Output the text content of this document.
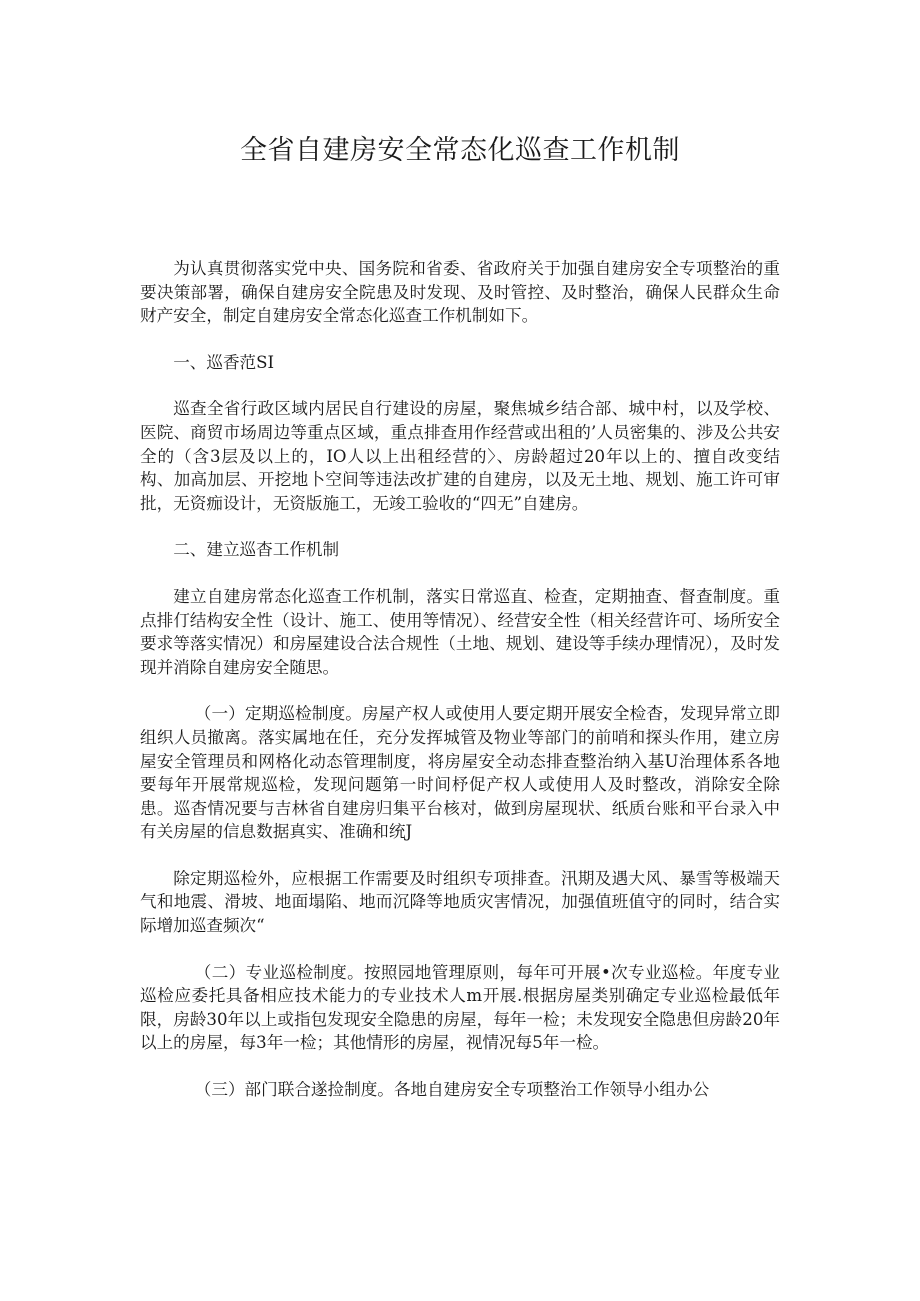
全省自建房安全常态化巡查工作机制

为认真贯彻落实党中央、国务院和省委、省政府关于加强自建房安全专项整治的重要决策部署，确保自建房安全院患及时发现、及时管控、及时整治，确保人民群众生命财产安全，制定自建房安全常态化巡查工作机制如下。

一、巡香范SI

巡查全省行政区域内居民自行建设的房屋，聚焦城乡结合部、城中村，以及学校、医院、商贸市场周边等重点区域，重点排查用作经营或出租的’人员密集的、涉及公共安全的（含3层及以上的，IO人以上出租经营的〉、房龄超过20年以上的、擅自改变结构、加高加层、开挖地卜空间等违法改扩建的自建房，以及无土地、规划、施工许可审批，无资痂设计，无资版施工，无竣工验收的“四无”自建房。

二、建立巡杳工作机制

建立自建房常态化巡查工作机制，落实日常巡直、检查，定期抽查、督查制度。重点排仃结构安全性（设计、施工、使用等情况）、经营安全性（相关经营许可、场所安全要求等落实情况）和房屋建设合法合规性（土地、规划、建设等手续办理情况），及时发现并消除自建房安全随思。

（一）定期巡检制度。房屋产权人或使用人要定期开展安全检杳，发现异常立即组织人员撤离。落实属地在任，充分发挥城管及物业等部门的前哨和探头作用，建立房屋安全管理员和网格化动态管理制度，将房屋安全动态排查整治纳入基U治理体系各地要每年开展常规巡检，发现问题第一时间杼促产权人或使用人及时整改，消除安全除患。巡杳情况要与吉林省自建房归集平台核对，做到房屋现状、纸质台账和平台录入中有关房屋的信息数据真实、准确和统J

除定期巡检外，应根据工作需要及时组织专项排查。汛期及遇大风、暴雪等极端天气和地震、滑坡、地面塌陷、地而沉降等地质灾害情况，加强值班值守的同时，结合实际增加巡查频次“

（二）专业巡检制度。按照园地管理原则，每年可开展•次专业巡检。年度专业巡检应委托具备相应技术能力的专业技术人m开展.根据房屋类别确定专业巡检最低年限，房龄30年以上或指包发现安全隐患的房屋，每年一检；未发现安全隐患但房龄20年以上的房屋，每3年一检；其他情形的房屋，视情况每5年一检。

（三）部门联合遂捡制度。各地自建房安全专项整治工作领导小组办公
